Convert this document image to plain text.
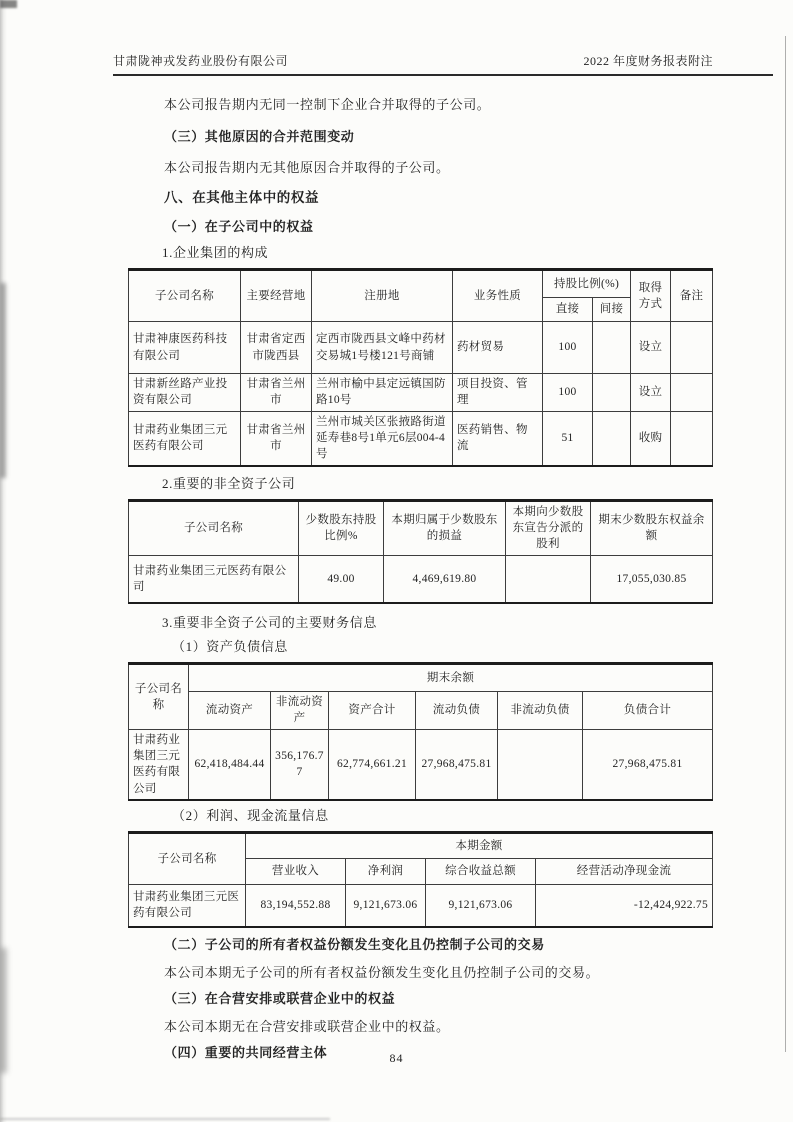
甘肃陇神戎发药业股份有限公司	2022 年度财务报表附注

本公司报告期内无同一控制下企业合并取得的子公司。

（三）其他原因的合并范围变动

本公司报告期内无其他原因合并取得的子公司。

八、在其他主体中的权益

（一）在子公司中的权益

1.企业集团的构成

子公司名称	主要经营地	注册地	业务性质	持股比例(%)		取得方式	备注
				直接	间接		
甘肃神康医药科技有限公司	甘肃省定西市陇西县	定西市陇西县文峰中药材交易城1号楼121号商铺	药材贸易	100		设立	
甘肃新丝路产业投资有限公司	甘肃省兰州市	兰州市榆中县定远镇国防路10号	项目投资、管理	100		设立	
甘肃药业集团三元医药有限公司	甘肃省兰州市	兰州市城关区张掖路街道延寿巷8号1单元6层004-4号	医药销售、物流	51		收购	

2.重要的非全资子公司

子公司名称	少数股东持股比例%	本期归属于少数股东的损益	本期向少数股东宣告分派的股利	期末少数股东权益余额
甘肃药业集团三元医药有限公司	49.00	4,469,619.80		17,055,030.85

3.重要非全资子公司的主要财务信息

（1）资产负债信息

子公司名称	期末余额					
	流动资产	非流动资产	资产合计	流动负债	非流动负债	负债合计
甘肃药业集团三元医药有限公司	62,418,484.44	356,176.77	62,774,661.21	27,968,475.81		27,968,475.81

（2）利润、现金流量信息

子公司名称	本期金额			
	营业收入	净利润	综合收益总额	经营活动净现金流
甘肃药业集团三元医药有限公司	83,194,552.88	9,121,673.06	9,121,673.06	-12,424,922.75

（二）子公司的所有者权益份额发生变化且仍控制子公司的交易

本公司本期无子公司的所有者权益份额发生变化且仍控制子公司的交易。

（三）在合营安排或联营企业中的权益

本公司本期无在合营安排或联营企业中的权益。

（四）重要的共同经营主体	84
